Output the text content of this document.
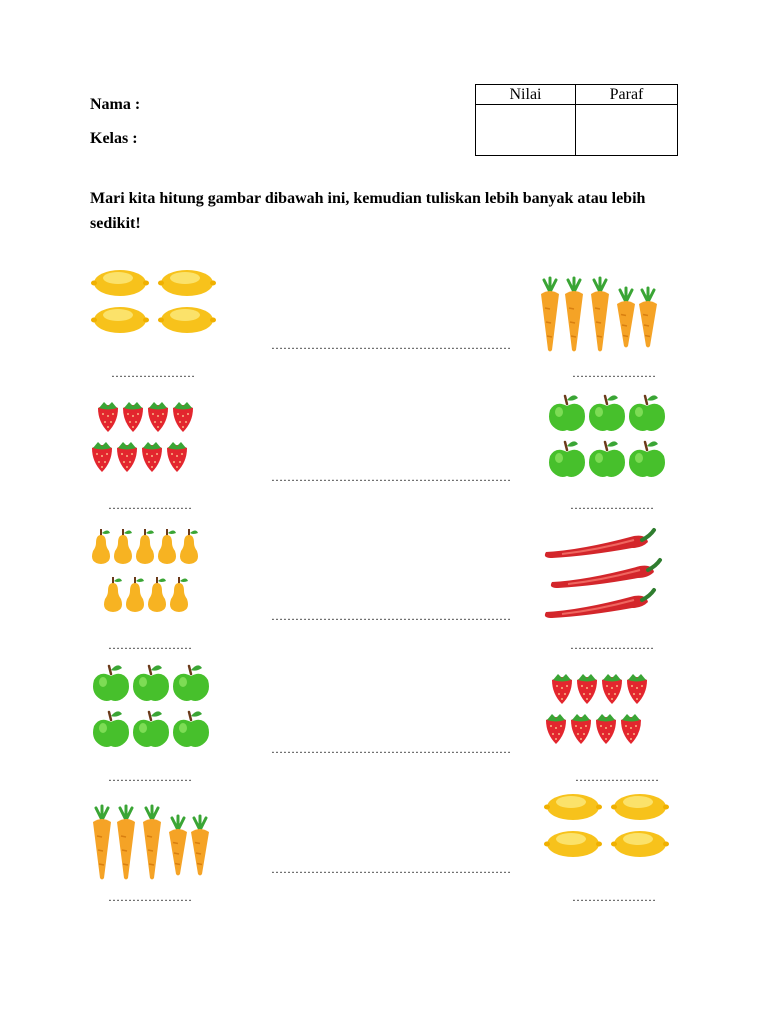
Nama :
Kelas :
Nilai	Paraf

Mari kita hitung gambar dibawah ini, kemudian tuliskan lebih banyak atau lebih sedikit!
…………………	…………………
…………………	…………………
…………………	…………………
…………………	…………………
…………………	…………………
……………………………………………………
……………………………………………………
……………………………………………………
……………………………………………………
……………………………………………………
